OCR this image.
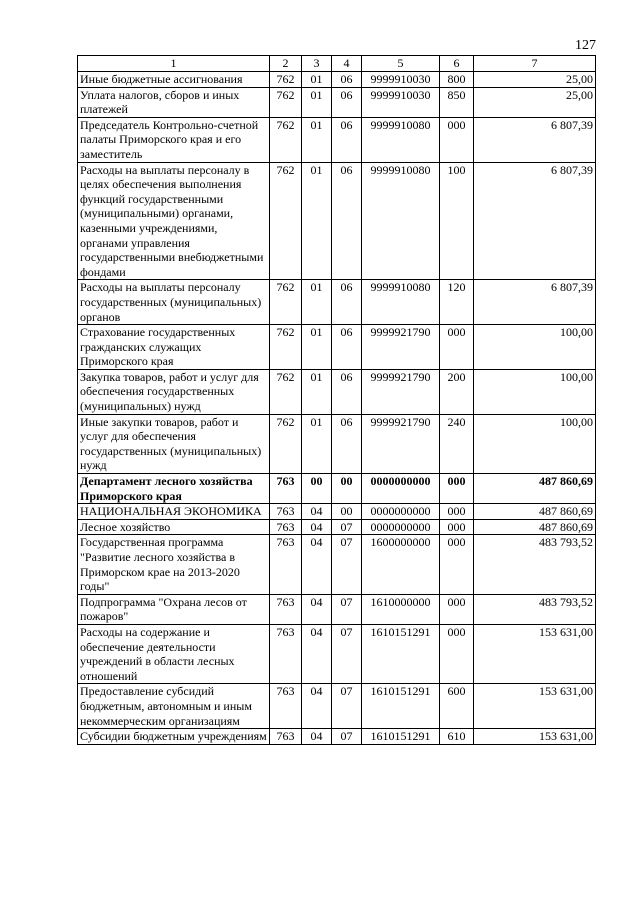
127
1	2	3	4	5	6	7
Иные бюджетные ассигнования	762	01	06	9999910030	800	25,00
Уплата налогов, сборов и иных платежей	762	01	06	9999910030	850	25,00
Председатель Контрольно-счетной палаты Приморского края и его заместитель	762	01	06	9999910080	000	6 807,39
Расходы на выплаты персоналу в целях обеспечения выполнения функций государственными (муниципальными) органами, казенными учреждениями, органами управления государственными внебюджетными фондами	762	01	06	9999910080	100	6 807,39
Расходы на выплаты персоналу государственных (муниципальных) органов	762	01	06	9999910080	120	6 807,39
Страхование государственных гражданских служащих Приморского края	762	01	06	9999921790	000	100,00
Закупка товаров, работ и услуг для обеспечения государственных (муниципальных) нужд	762	01	06	9999921790	200	100,00
Иные закупки товаров, работ и услуг для обеспечения государственных (муниципальных) нужд	762	01	06	9999921790	240	100,00
Департамент лесного хозяйства Приморского края	763	00	00	0000000000	000	487 860,69
НАЦИОНАЛЬНАЯ ЭКОНОМИКА	763	04	00	0000000000	000	487 860,69
Лесное хозяйство	763	04	07	0000000000	000	487 860,69
Государственная программа "Развитие лесного хозяйства в Приморском крае на 2013-2020 годы"	763	04	07	1600000000	000	483 793,52
Подпрограмма "Охрана лесов от пожаров"	763	04	07	1610000000	000	483 793,52
Расходы на содержание и обеспечение деятельности учреждений в области лесных отношений	763	04	07	1610151291	000	153 631,00
Предоставление субсидий бюджетным, автономным и иным некоммерческим организациям	763	04	07	1610151291	600	153 631,00
Субсидии бюджетным учреждениям	763	04	07	1610151291	610	153 631,00
